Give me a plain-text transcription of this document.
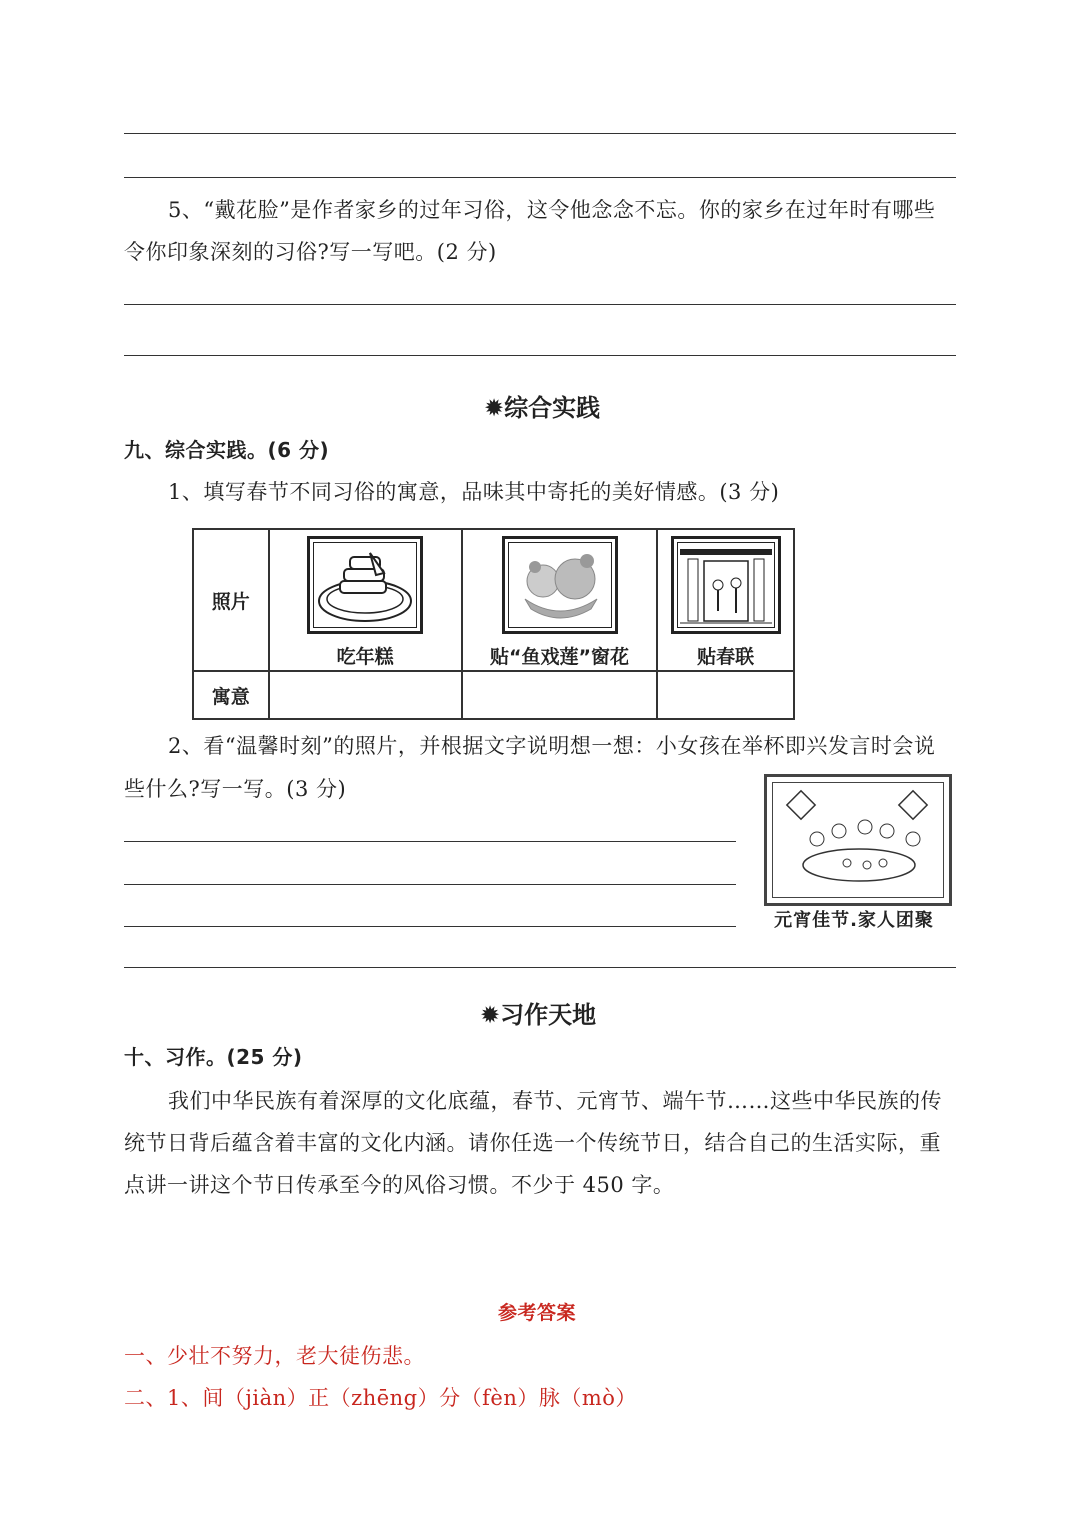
5、“戴花脸”是作者家乡的过年习俗，这令他念念不忘。你的家乡在过年时有哪些
令你印象深刻的习俗?写一写吧。(2 分)
✹综合实践
九、综合实践。(6 分)
1、填写春节不同习俗的寓意，品味其中寄托的美好情感。(3 分)
照片	吃年糕	贴“鱼戏莲”窗花	贴春联

寓意			
2、看“温馨时刻”的照片，并根据文字说明想一想：小女孩在举杯即兴发言时会说
些什么?写一写。(3 分)
元宵佳节.家人团聚
✹习作天地
十、习作。(25 分)
我们中华民族有着深厚的文化底蕴，春节、元宵节、端午节……这些中华民族的传
统节日背后蕴含着丰富的文化内涵。请你任选一个传统节日，结合自己的生活实际，重
点讲一讲这个节日传承至今的风俗习惯。不少于 450 字。
参考答案
一、少壮不努力，老大徒伤悲。
二、1、间（jiàn）正（zhēng）分（fèn）脉（mò）
